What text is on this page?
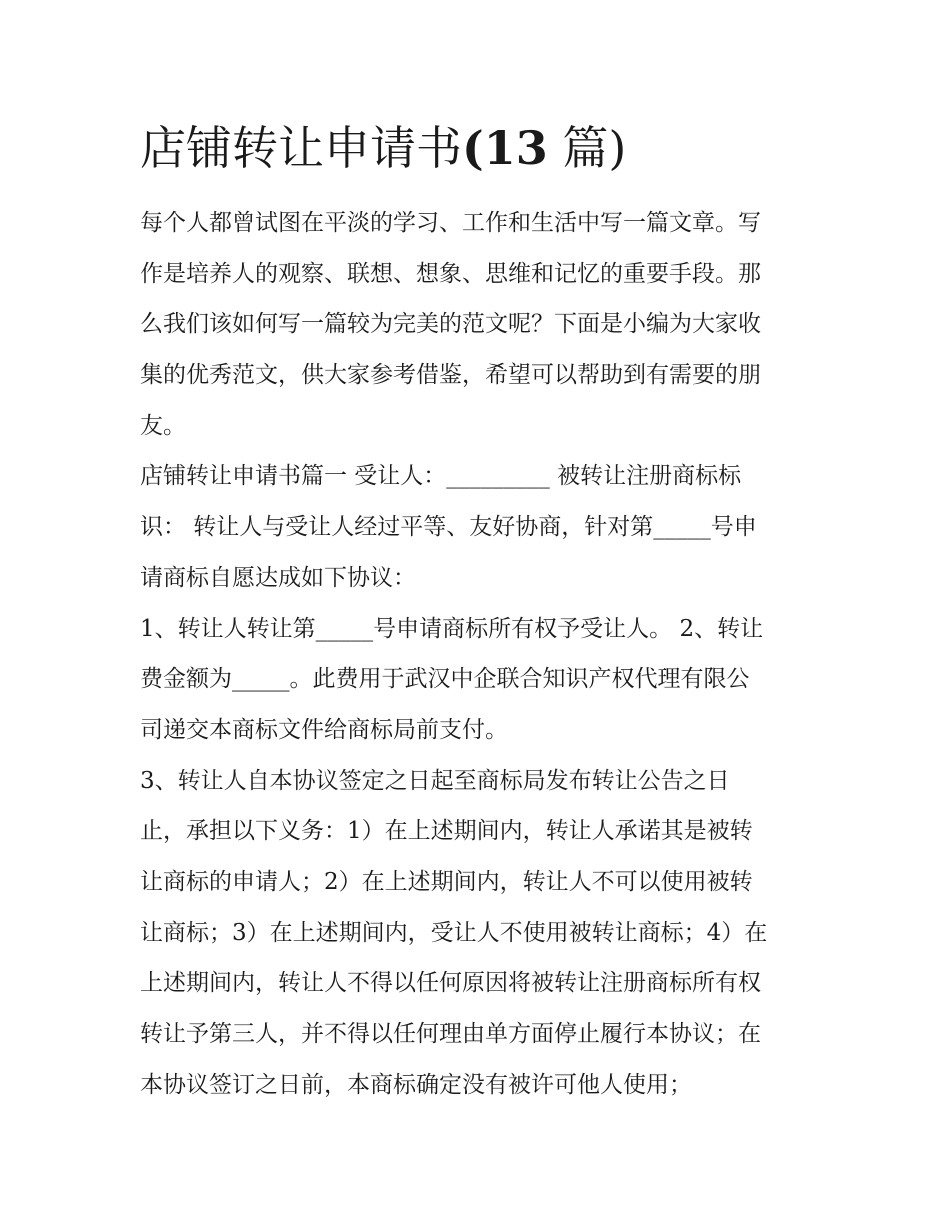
店铺转让申请书(13 篇)
每个人都曾试图在平淡的学习、工作和生活中写一篇文章。写
作是培养人的观察、联想、想象、思维和记忆的重要手段。那
么我们该如何写一篇较为完美的范文呢？下面是小编为大家收
集的优秀范文，供大家参考借鉴，希望可以帮助到有需要的朋
友。
店铺转让申请书篇一 受让人：_________ 被转让注册商标标
识： 转让人与受让人经过平等、友好协商，针对第_____号申
请商标自愿达成如下协议：
1、转让人转让第_____号申请商标所有权予受让人。 2、转让
费金额为_____。此费用于武汉中企联合知识产权代理有限公
司递交本商标文件给商标局前支付。
3、转让人自本协议签定之日起至商标局发布转让公告之日
止，承担以下义务：1）在上述期间内，转让人承诺其是被转
让商标的申请人；2）在上述期间内，转让人不可以使用被转
让商标；3）在上述期间内，受让人不使用被转让商标；4）在
上述期间内，转让人不得以任何原因将被转让注册商标所有权
转让予第三人，并不得以任何理由单方面停止履行本协议；在
本协议签订之日前，本商标确定没有被许可他人使用；
